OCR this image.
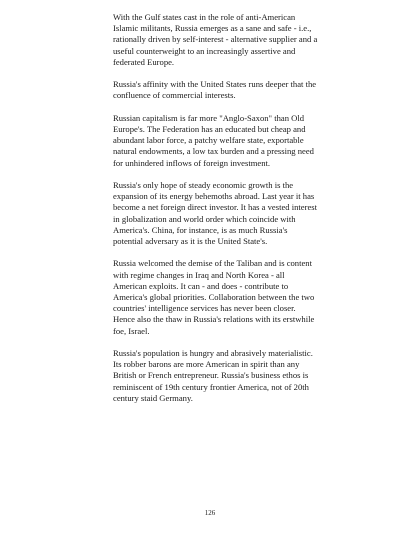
With the Gulf states cast in the role of anti-American Islamic militants, Russia emerges as a sane and safe - i.e., rationally driven by self-interest - alternative supplier and a useful counterweight to an increasingly assertive and federated Europe.

Russia's affinity with the United States runs deeper that the confluence of commercial interests.

Russian capitalism is far more "Anglo-Saxon" than Old Europe's. The Federation has an educated but cheap and abundant labor force, a patchy welfare state, exportable natural endowments, a low tax burden and a pressing need for unhindered inflows of foreign investment.

Russia's only hope of steady economic growth is the expansion of its energy behemoths abroad. Last year it has become a net foreign direct investor. It has a vested interest in globalization and world order which coincide with America's. China, for instance, is as much Russia's potential adversary as it is the United State's.

Russia welcomed the demise of the Taliban and is content with regime changes in Iraq and North Korea - all American exploits. It can - and does - contribute to America's global priorities. Collaboration between the two countries' intelligence services has never been closer. Hence also the thaw in Russia's relations with its erstwhile foe, Israel.

Russia's population is hungry and abrasively materialistic. Its robber barons are more American in spirit than any British or French entrepreneur. Russia's business ethos is reminiscent of 19th century frontier America, not of 20th century staid Germany.

126
